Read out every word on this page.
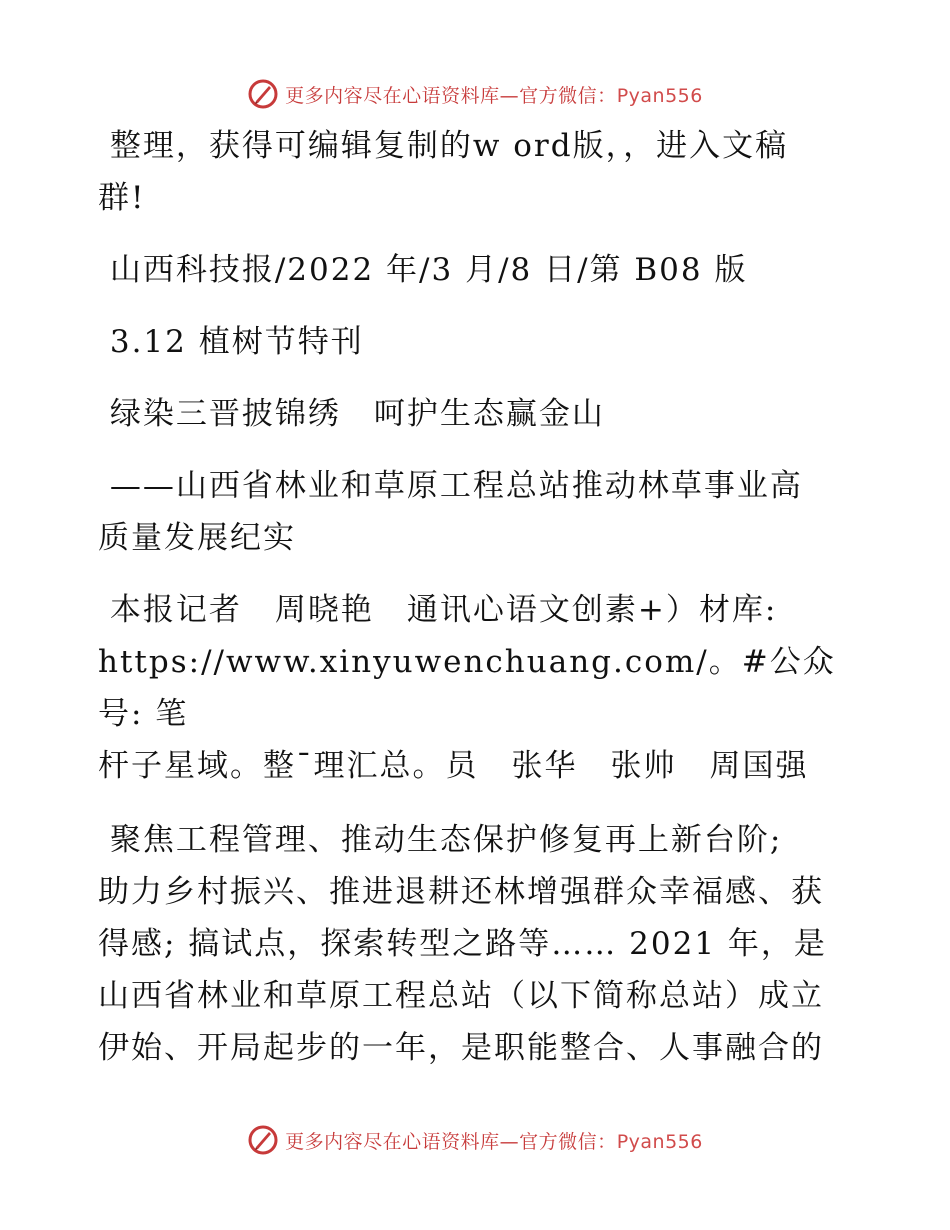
更多内容尽在心语资料库—官方微信：Pyan556

整理，获得可编辑复制的w ord版，，进入文稿

群!

山西科技报/2022 年/3 月/8 日/第 B08 版

3.12 植树节特刊

绿染三晋披锦绣　呵护生态赢金山

——山西省林业和草原工程总站推动林草事业高

质量发展纪实

本报记者　周晓艳　通讯心语文创素+）材库:

https://www.xinyuwenchuang.com/。#公众号: 笔

杆子星域。整¯理汇总。员　张华　张帅　周国强

聚焦工程管理、推动生态保护修复再上新台阶;

助力乡村振兴、推进退耕还林增强群众幸福感、获

得感; 搞试点，探索转型之路等…… 2021 年，是

山西省林业和草原工程总站（以下简称总站）成立

伊始、开局起步的一年，是职能整合、人事融合的

更多内容尽在心语资料库—官方微信：Pyan556
